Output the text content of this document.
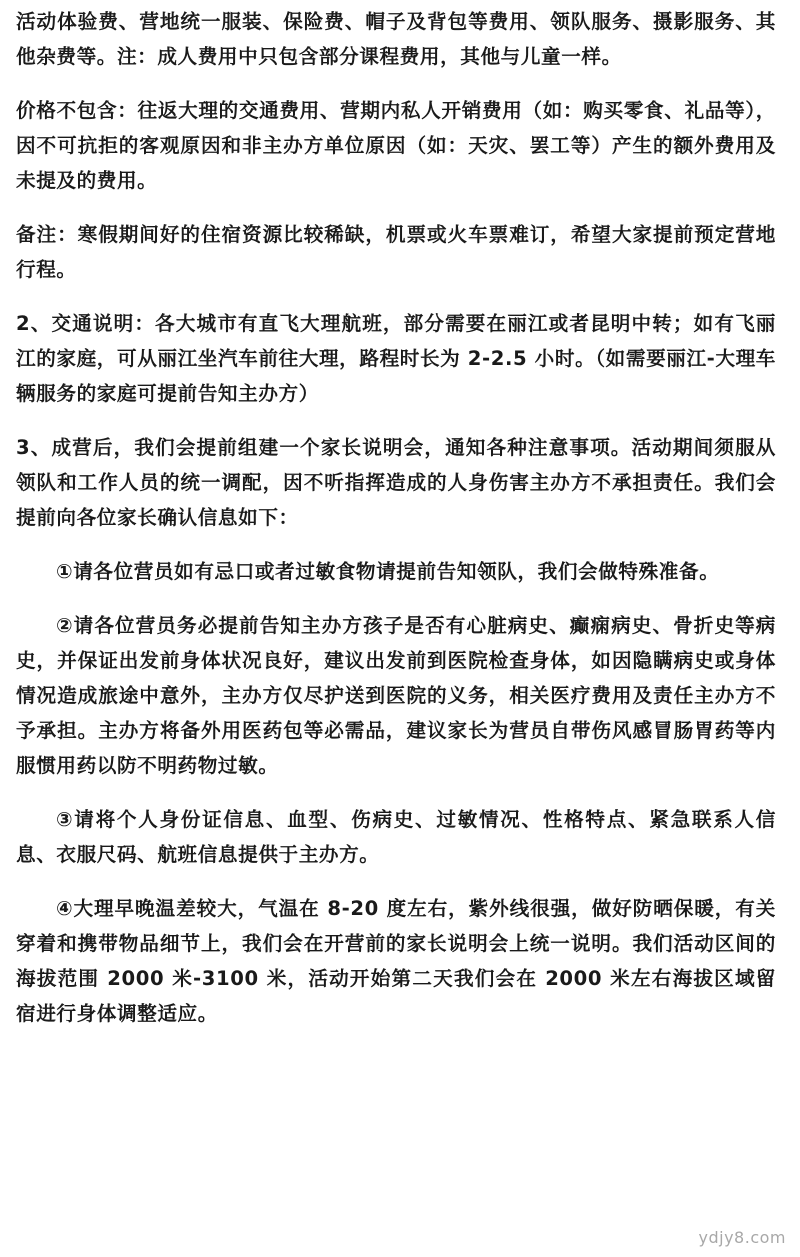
活动体验费、营地统一服装、保险费、帽子及背包等费用、领队服务、摄影服务、其他杂费等。注：成人费用中只包含部分课程费用，其他与儿童一样。

价格不包含：往返大理的交通费用、营期内私人开销费用（如：购买零食、礼品等），因不可抗拒的客观原因和非主办方单位原因（如：天灾、罢工等）产生的额外费用及未提及的费用。

备注：寒假期间好的住宿资源比较稀缺，机票或火车票难订，希望大家提前预定营地行程。

2、交通说明：各大城市有直飞大理航班，部分需要在丽江或者昆明中转；如有飞丽江的家庭，可从丽江坐汽车前往大理，路程时长为 2-2.5 小时。（如需要丽江-大理车辆服务的家庭可提前告知主办方）

3、成营后，我们会提前组建一个家长说明会，通知各种注意事项。活动期间须服从领队和工作人员的统一调配，因不听指挥造成的人身伤害主办方不承担责任。我们会提前向各位家长确认信息如下：

①请各位营员如有忌口或者过敏食物请提前告知领队，我们会做特殊准备。

②请各位营员务必提前告知主办方孩子是否有心脏病史、癫痫病史、骨折史等病史，并保证出发前身体状况良好，建议出发前到医院检查身体，如因隐瞒病史或身体情况造成旅途中意外，主办方仅尽护送到医院的义务，相关医疗费用及责任主办方不予承担。主办方将备外用医药包等必需品，建议家长为营员自带伤风感冒肠胃药等内服惯用药以防不明药物过敏。

③请将个人身份证信息、血型、伤病史、过敏情况、性格特点、紧急联系人信息、衣服尺码、航班信息提供于主办方。

④大理早晚温差较大，气温在 8-20 度左右，紫外线很强，做好防晒保暖，有关穿着和携带物品细节上，我们会在开营前的家长说明会上统一说明。我们活动区间的海拔范围 2000 米-3100 米，活动开始第二天我们会在 2000 米左右海拔区域留宿进行身体调整适应。

ydjy8.com
